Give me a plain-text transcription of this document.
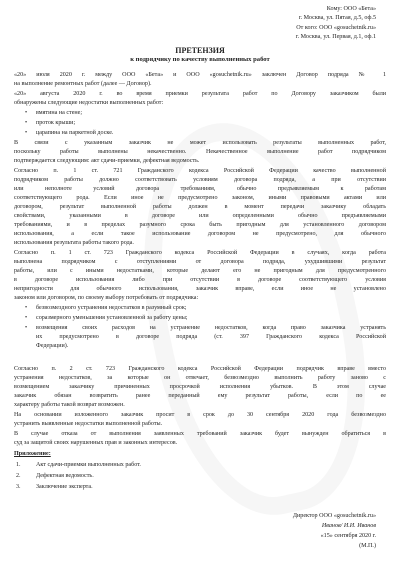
Кому: ООО «Бета»
г. Москва, ул. Пятая, д.5, оф.5
От кого: ООО «gosuchetnik.ru»
г. Москва, ул. Первая, д.1, оф.1
ПРЕТЕНЗИЯ
к подрядчику по качеству выполненных работ
«20» июля 2020 г. между ООО «Бета» и ООО «gosuchetnik.ru» заключен Договор подряда № 1
на выполнение ремонтных работ (далее — Договор).
«20» августа 2020 г. во время приемки результата работ по Договору заказчиком были
обнаружены следующие недостатки выполненных работ:
• вмятина на стене;
• проток крыши;
• царапина на паркетной доске.
В связи с указанным заказчик не может использовать результаты выполненных работ,
поскольку работы выполнены некачественно. Некачественное выполнение работ подрядчиком
подтверждается следующим: акт сдачи-приемки, дефектная ведомость.
Согласно п. 1 ст. 721 Гражданского кодекса Российской Федерации качество выполненной
подрядчиком работы должно соответствовать условиям договора подряда, а при отсутствии
или неполноте условий договора требованиям, обычно предъявляемым к работам
соответствующего рода. Если иное не предусмотрено законом, иными правовыми актами или
договором, результат выполненной работы должен в момент передачи заказчику обладать
свойствами, указанными в договоре или определенными обычно предъявляемыми
требованиями, и в пределах разумного срока быть пригодным для установленного договором
использования, а если такое использование договором не предусмотрено, для обычного
использования результата работы такого рода.
Согласно п. 1 ст. 723 Гражданского кодекса Российской Федерации в случаях, когда работа
выполнена подрядчиком с отступлениями от договора подряда, ухудшившими результат
работы, или с иными недостатками, которые делают его не пригодным для предусмотренного
в договоре использования либо при отсутствии в договоре соответствующего условия
непригодности для обычного использования, заказчик вправе, если иное не установлено
законом или договором, по своему выбору потребовать от подрядчика:
• безвозмездного устранения недостатков в разумный срок;
• соразмерного уменьшения установленной за работу цены;
• возмещения своих расходов на устранение недостатков, когда право заказчика устранять
их предусмотрено в договоре подряда (ст. 397 Гражданского кодекса Российской
Федерации).
Согласно п. 2 ст. 723 Гражданского кодекса Российской Федерации подрядчик вправе вместо
устранения недостатков, за которые он отвечает, безвозмездно выполнить работу заново с
возмещением заказчику причиненных просрочкой исполнения убытков. В этом случае
заказчик обязан возвратить ранее переданный ему результат работы, если по ее
характеру работы такой возврат возможен.
На основании изложенного заказчик просит в срок до 30 сентября 2020 года безвозмездно
устранить выявленные недостатки выполненной работы.
В случае отказа от выполнения заявленных требований заказчик будет вынужден обратиться в
суд за защитой своих нарушенных прав и законных интересов.
Приложение:
1.	Акт сдачи-приемки выполненных работ.
2.	Дефектная ведомость.
3.	Заключение эксперта.
Директор ООО «gosuchetnik.ru»
Иванов/ И.И. Иванов
«15» сентября 2020 г.
(М.П.)
